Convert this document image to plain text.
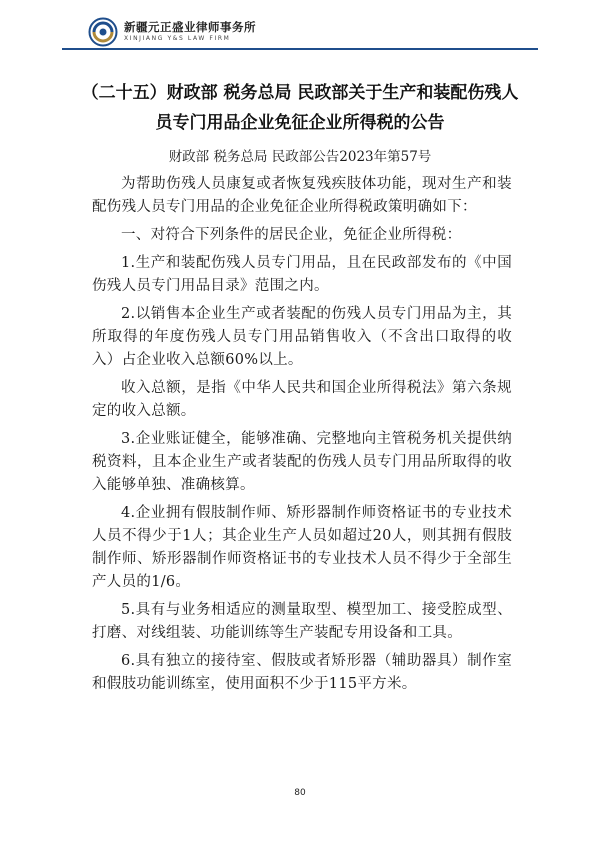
新疆元正盛业律师事务所
XINJIANG Y&S LAW FIRM
（二十五）财政部 税务总局 民政部关于生产和装配伤残人
员专门用品企业免征企业所得税的公告
财政部 税务总局 民政部公告2023年第57号

为帮助伤残人员康复或者恢复残疾肢体功能，现对生产和装配伤残人员专门用品的企业免征企业所得税政策明确如下：

一、对符合下列条件的居民企业，免征企业所得税：

1.生产和装配伤残人员专门用品，且在民政部发布的《中国伤残人员专门用品目录》范围之内。

2.以销售本企业生产或者装配的伤残人员专门用品为主，其所取得的年度伤残人员专门用品销售收入（不含出口取得的收入）占企业收入总额60%以上。

收入总额，是指《中华人民共和国企业所得税法》第六条规定的收入总额。

3.企业账证健全，能够准确、完整地向主管税务机关提供纳税资料，且本企业生产或者装配的伤残人员专门用品所取得的收入能够单独、准确核算。

4.企业拥有假肢制作师、矫形器制作师资格证书的专业技术人员不得少于1人；其企业生产人员如超过20人，则其拥有假肢制作师、矫形器制作师资格证书的专业技术人员不得少于全部生产人员的1/6。

5.具有与业务相适应的测量取型、模型加工、接受腔成型、打磨、对线组装、功能训练等生产装配专用设备和工具。

6.具有独立的接待室、假肢或者矫形器（辅助器具）制作室和假肢功能训练室，使用面积不少于115平方米。

80
